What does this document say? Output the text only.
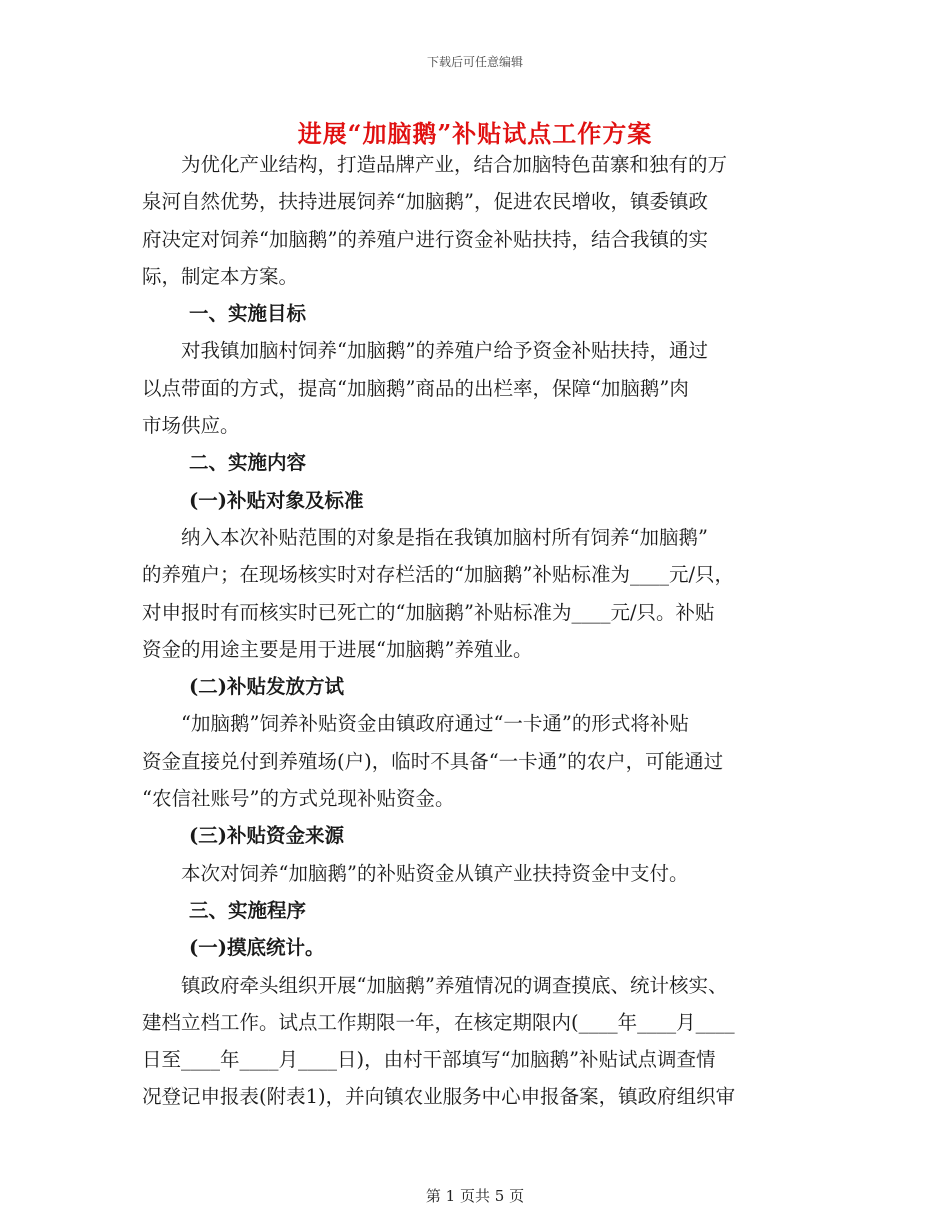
下载后可任意编辑
进展“加脑鹅”补贴试点工作方案

　　为优化产业结构，打造品牌产业，结合加脑特色苗寨和独有的万

泉河自然优势，扶持进展饲养“加脑鹅”，促进农民增收，镇委镇政

府决定对饲养“加脑鹅”的养殖户进行资金补贴扶持，结合我镇的实

际，制定本方案。

一、实施目标

　　对我镇加脑村饲养“加脑鹅”的养殖户给予资金补贴扶持，通过

以点带面的方式，提高“加脑鹅”商品的出栏率，保障“加脑鹅”肉

市场供应。

二、实施内容

(一)补贴对象及标准

　　纳入本次补贴范围的对象是指在我镇加脑村所有饲养“加脑鹅”

的养殖户；在现场核实时对存栏活的“加脑鹅”补贴标准为____元/只，

对申报时有而核实时已死亡的“加脑鹅”补贴标准为____元/只。补贴

资金的用途主要是用于进展“加脑鹅”养殖业。

(二)补贴发放方试

　　“加脑鹅”饲养补贴资金由镇政府通过“一卡通”的形式将补贴

资金直接兑付到养殖场(户)，临时不具备“一卡通”的农户，可能通过

“农信社账号”的方式兑现补贴资金。

(三)补贴资金来源

　　本次对饲养“加脑鹅”的补贴资金从镇产业扶持资金中支付。

三、实施程序

(一)摸底统计。

　　镇政府牵头组织开展“加脑鹅”养殖情况的调查摸底、统计核实、

建档立档工作。试点工作期限一年，在核定期限内(____年____月____

日至____年____月____日)，由村干部填写“加脑鹅”补贴试点调查情

况登记申报表(附表1)，并向镇农业服务中心申报备案，镇政府组织审

第 1 页共 5 页
